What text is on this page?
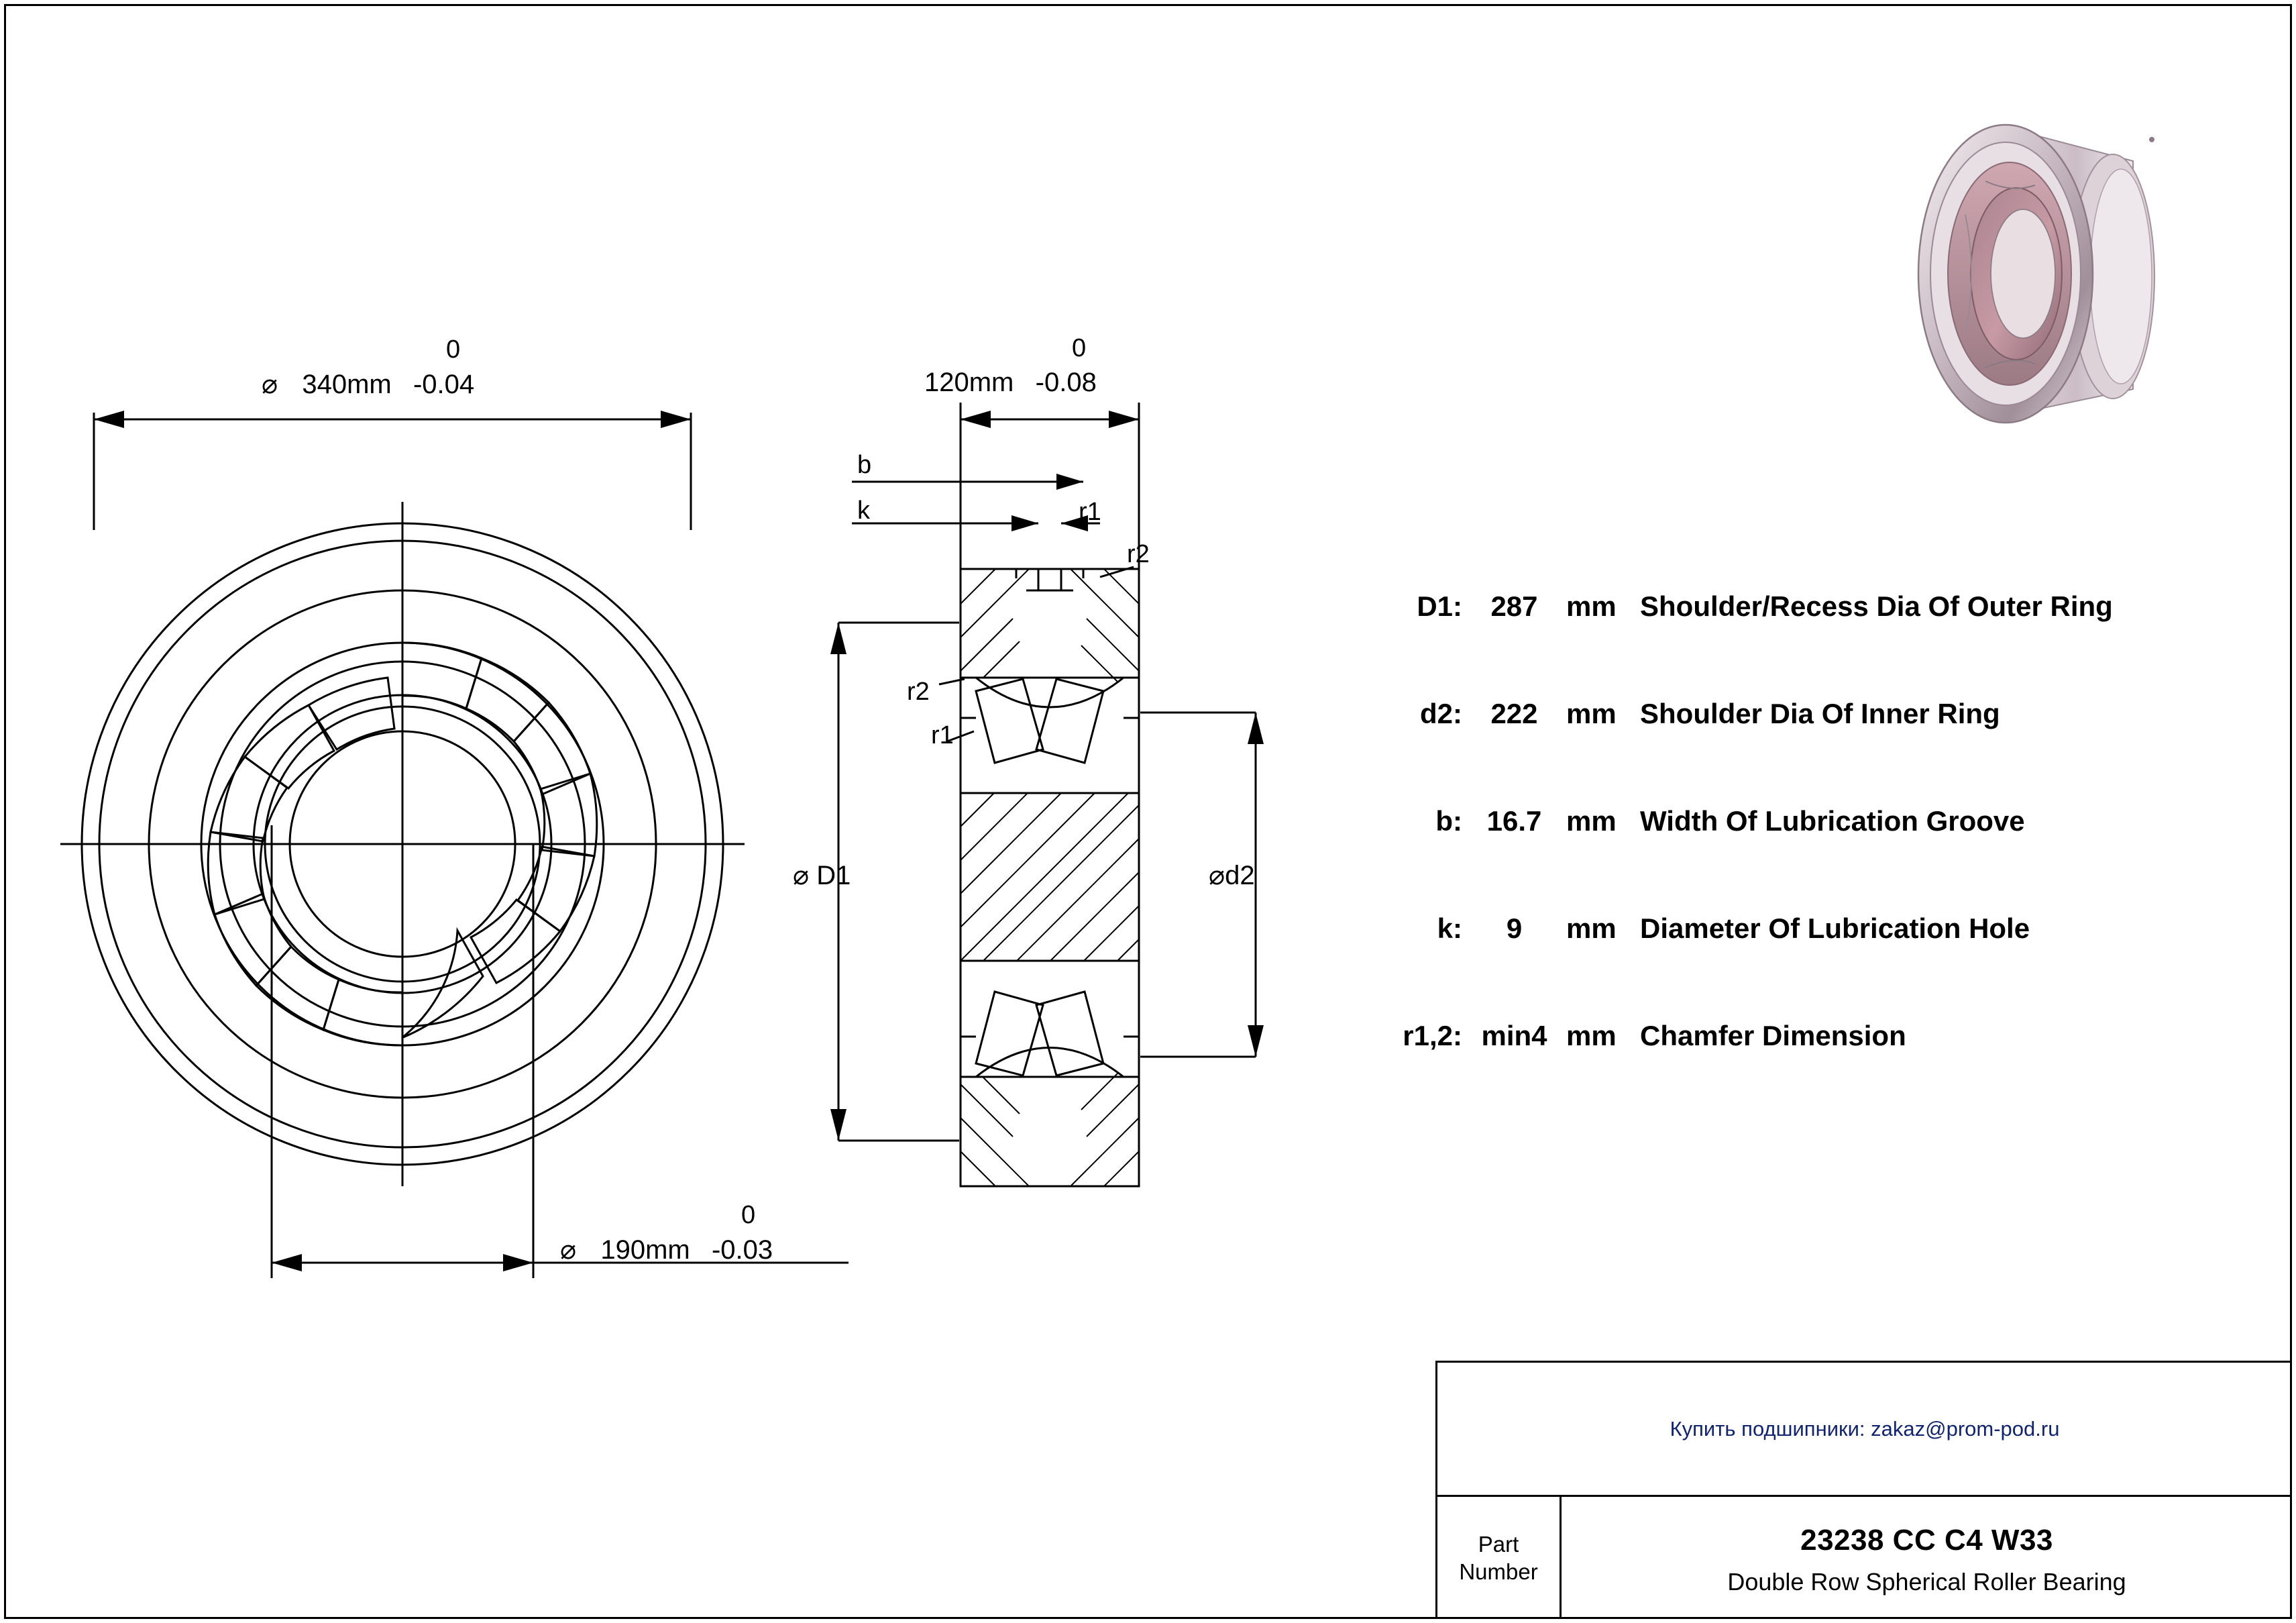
0
⌀ 340mm -0.04
0
⌀ 190mm -0.03
0
120mm -0.08
b
k	r1
r2
r2
r1
⌀ D1	⌀d2
D1:	287	mm Shoulder/Recess Dia Of Outer Ring
d2:	222	mm Shoulder Dia Of Inner Ring
b: 16.7 mm Width Of Lubrication Groove
k:	9	mm Diameter Of Lubrication Hole
r1,2: min4 mm Chamfer Dimension
Купить подшипники: zakaz@prom-pod.ru
Part
Number
23238 CC C4 W33
Double Row Spherical Roller Bearing
